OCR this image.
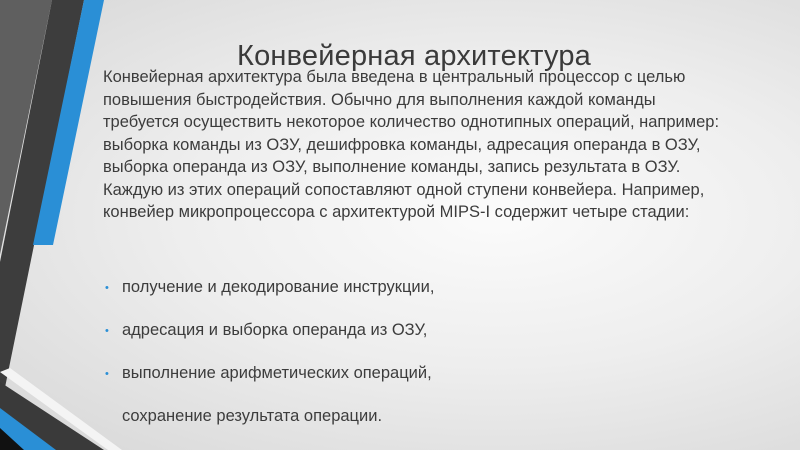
Конвейерная архитектура

Конвейерная архитектура была введена в центральный процессор с целью повышения быстродействия. Обычно для выполнения каждой команды требуется осуществить некоторое количество однотипных операций, например: выборка команды из ОЗУ, дешифровка команды, адресация операнда в ОЗУ, выборка операнда из ОЗУ, выполнение команды, запись результата в ОЗУ. Каждую из этих операций сопоставляют одной ступени конвейера. Например, конвейер микропроцессора с архитектурой MIPS-I содержит четыре стадии:

• получение и декодирование инструкции,
• адресация и выборка операнда из ОЗУ,
• выполнение арифметических операций,
сохранение результата операции.
